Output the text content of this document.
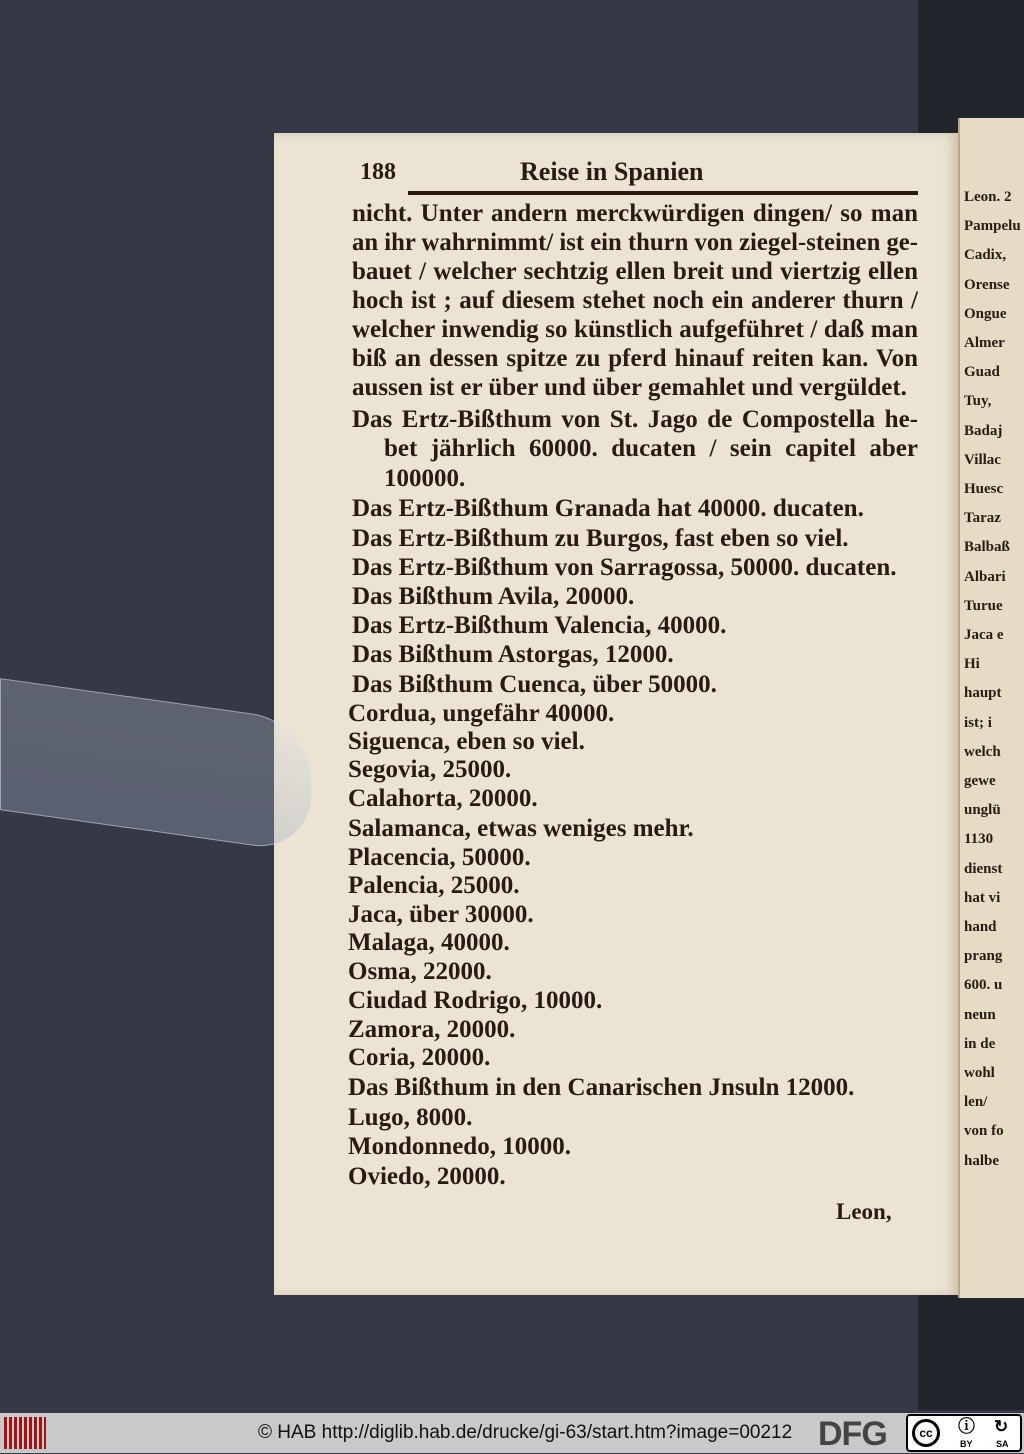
Leon. 2
Pampelu
Cadix,
Orense
Ongue
Almer
Guad
Tuy,
Badaj
Villac
Huesc
Taraz
Balbaß
Albari
Turue
Jaca e
Hi
haupt
ist; i
welch
gewe
unglü
1130
dienst
hat vi
hand
prang
600. u
neun
in de
wohl
len/
von fo
halbe
188	Reise in Spanien
Leon,
nicht. Unter andern merckwürdigen dingen/ so man
an ihr wahrnimmt/ ist ein thurn von ziegel-steinen ge-
bauet / welcher sechtzig ellen breit und viertzig ellen
hoch ist ; auf diesem stehet noch ein anderer thurn /
welcher inwendig so künstlich aufgeführet / daß man
biß an dessen spitze zu pferd hinauf reiten kan. Von
aussen ist er über und über gemahlet und vergüldet.
Das Ertz-Bißthum von St. Jago de Compostella he-
bet jährlich 60000. ducaten / sein capitel aber
100000.
Das Ertz-Bißthum Granada hat 40000. ducaten.
Das Ertz-Bißthum zu Burgos, fast eben so viel.
Das Ertz-Bißthum von Sarragossa, 50000. ducaten.
Das Bißthum Avila, 20000.
Das Ertz-Bißthum Valencia, 40000.
Das Bißthum Astorgas, 12000.
Das Bißthum Cuenca, über 50000.
Cordua, ungefähr 40000.
Siguenca, eben so viel.
Segovia, 25000.
Calahorta, 20000.
Salamanca, etwas weniges mehr.
Placencia, 50000.
Palencia, 25000.
Jaca, über 30000.
Malaga, 40000.
Osma, 22000.
Ciudad Rodrigo, 10000.
Zamora, 20000.
Coria, 20000.
Das Bißthum in den Canarischen Jnsuln 12000.
Lugo, 8000.
Mondonnedo, 10000.
Oviedo, 20000.
© HAB http://diglib.hab.de/drucke/gi-63/start.htm?image=00212 DFG	cc	ⓘ ↻
BY	SA
